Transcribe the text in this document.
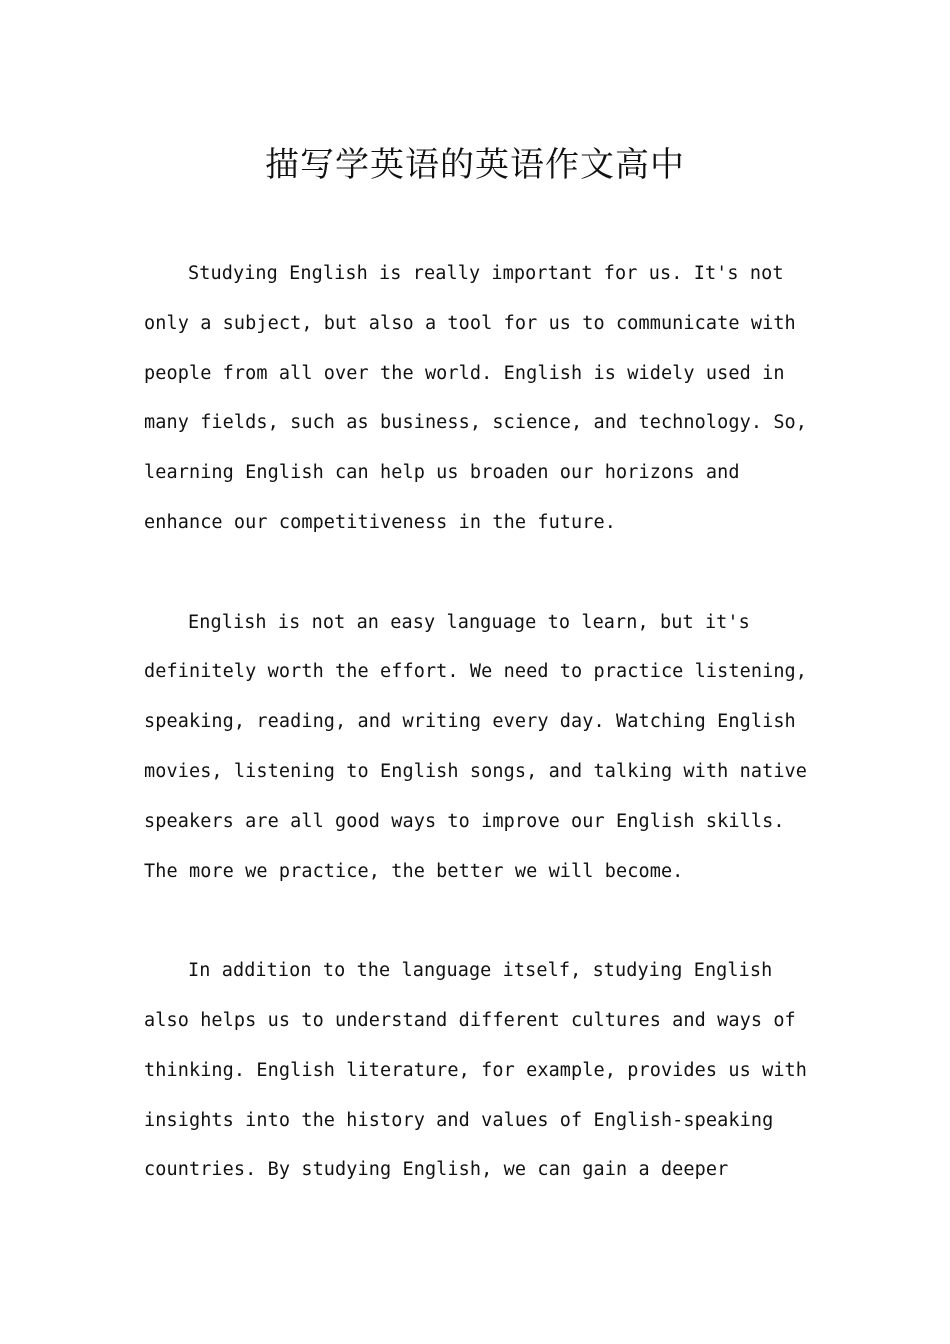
描写学英语的英语作文高中

Studying English is really important for us. It's not
only a subject, but also a tool for us to communicate with
people from all over the world. English is widely used in
many fields, such as business, science, and technology. So,
learning English can help us broaden our horizons and
enhance our competitiveness in the future.

English is not an easy language to learn, but it's
definitely worth the effort. We need to practice listening,
speaking, reading, and writing every day. Watching English
movies, listening to English songs, and talking with native
speakers are all good ways to improve our English skills.
The more we practice, the better we will become.

In addition to the language itself, studying English
also helps us to understand different cultures and ways of
thinking. English literature, for example, provides us with
insights into the history and values of English-speaking
countries. By studying English, we can gain a deeper
